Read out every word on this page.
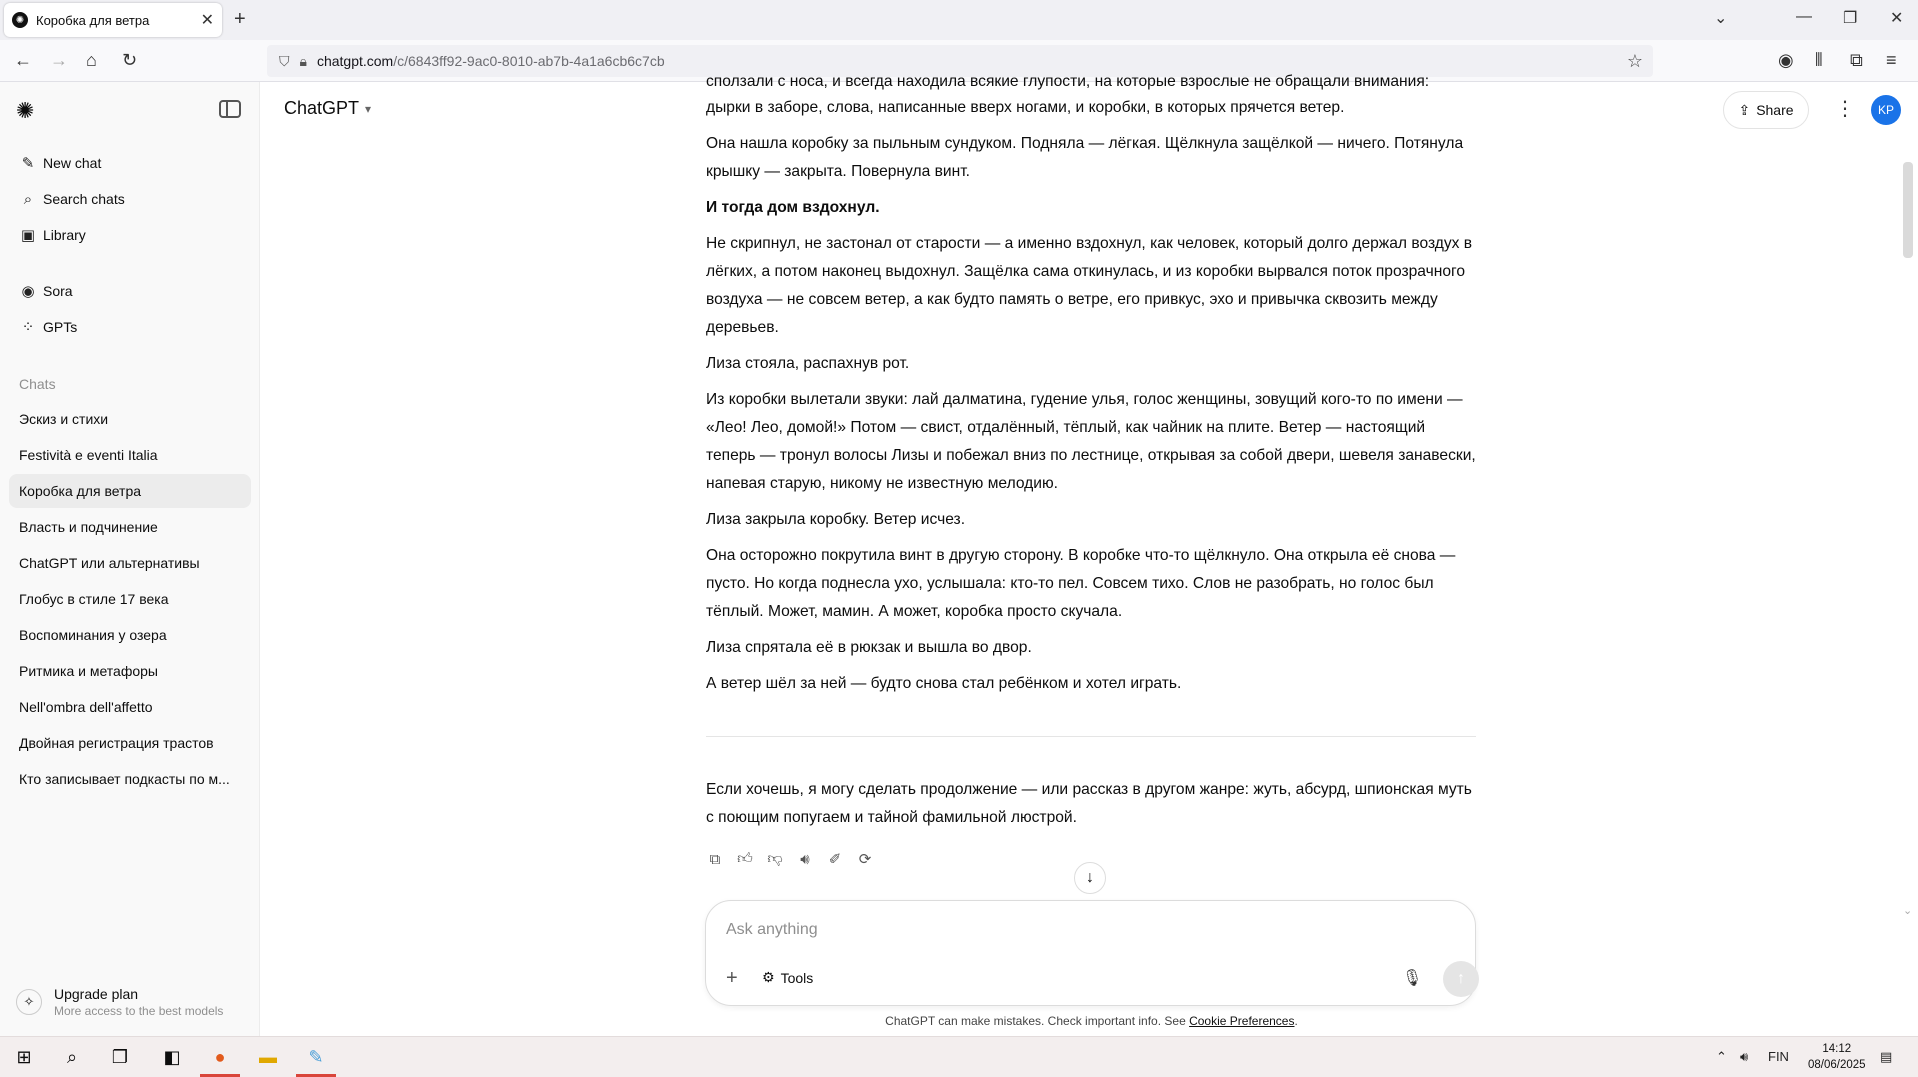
✺ Коробка для ветра	✕ +	⌄	— ❐ ✕
← → ⌂ ↻	⛉ 🔒︎ chatgpt.com /c/6843ff92-9ac0-8010-ab7b-4a1a6cb6c7cb	☆	◉ ⫴ ⧉ ≡
✺
✎ New chat
⌕ Search chats
▣ Library
◉ Sora
⁘ GPTs
Chats
Эскиз и стихи
Festività e eventi Italia
Коробка для ветра
Власть и подчинение
ChatGPT или альтернативы
Глобус в стиле 17 века
Воспоминания у озера
Ритмика и метафоры
Nell'ombra dell'affetto
Двойная регистрация трастов
Кто записывает подкасты по м...
✧	Upgrade plan
More access to the best models
ChatGPT ▾	⇪ Share ⋮	KP

сползали с носа, и всегда находила всякие глупости, на которые взрослые не обращали внимания:

дырки в заборе, слова, написанные вверх ногами, и коробки, в которых прячется ветер.

Она нашла коробку за пыльным сундуком. Подняла — лёгкая. Щёлкнула защёлкой — ничего. Потянула крышку — закрыта. Повернула винт.

И тогда дом вздохнул.

Не скрипнул, не застонал от старости — а именно вздохнул, как человек, который долго держал воздух в лёгких, а потом наконец выдохнул. Защёлка сама откинулась, и из коробки вырвался поток прозрачного воздуха — не совсем ветер, а как будто память о ветре, его привкус, эхо и привычка сквозить между деревьев.

Лиза стояла, распахнув рот.

Из коробки вылетали звуки: лай далматина, гудение улья, голос женщины, зовущий кого-то по имени — «Лео! Лео, домой!» Потом — свист, отдалённый, тёплый, как чайник на плите. Ветер — настоящий теперь — тронул волосы Лизы и побежал вниз по лестнице, открывая за собой двери, шевеля занавески, напевая старую, никому не известную мелодию.

Лиза закрыла коробку. Ветер исчез.

Она осторожно покрутила винт в другую сторону. В коробке что-то щёлкнуло. Она открыла её снова — пусто. Но когда поднесла ухо, услышала: кто-то пел. Совсем тихо. Слов не разобрать, но голос был тёплый. Может, мамин. А может, коробка просто скучала.

Лиза спрятала её в рюкзак и вышла во двор.

А ветер шёл за ней — будто снова стал ребёнком и хотел играть.

Если хочешь, я могу сделать продолжение — или рассказ в другом жанре: жуть, абсурд, шпионская муть с поющим попугаем и тайной фамильной люстрой.

⧉ 👍︎ 👎︎ 🔊︎ ✐ ⟳
↓
Ask anything
+ ⚙ Tools	🎙︎	↑
ChatGPT can make mistakes. Check important info. See Cookie Preferences.
⌄
⊞	⌕	❐	◧	●	▬	✎	⌃ 🔊︎ FIN	14:12
08/06/2025
▤
